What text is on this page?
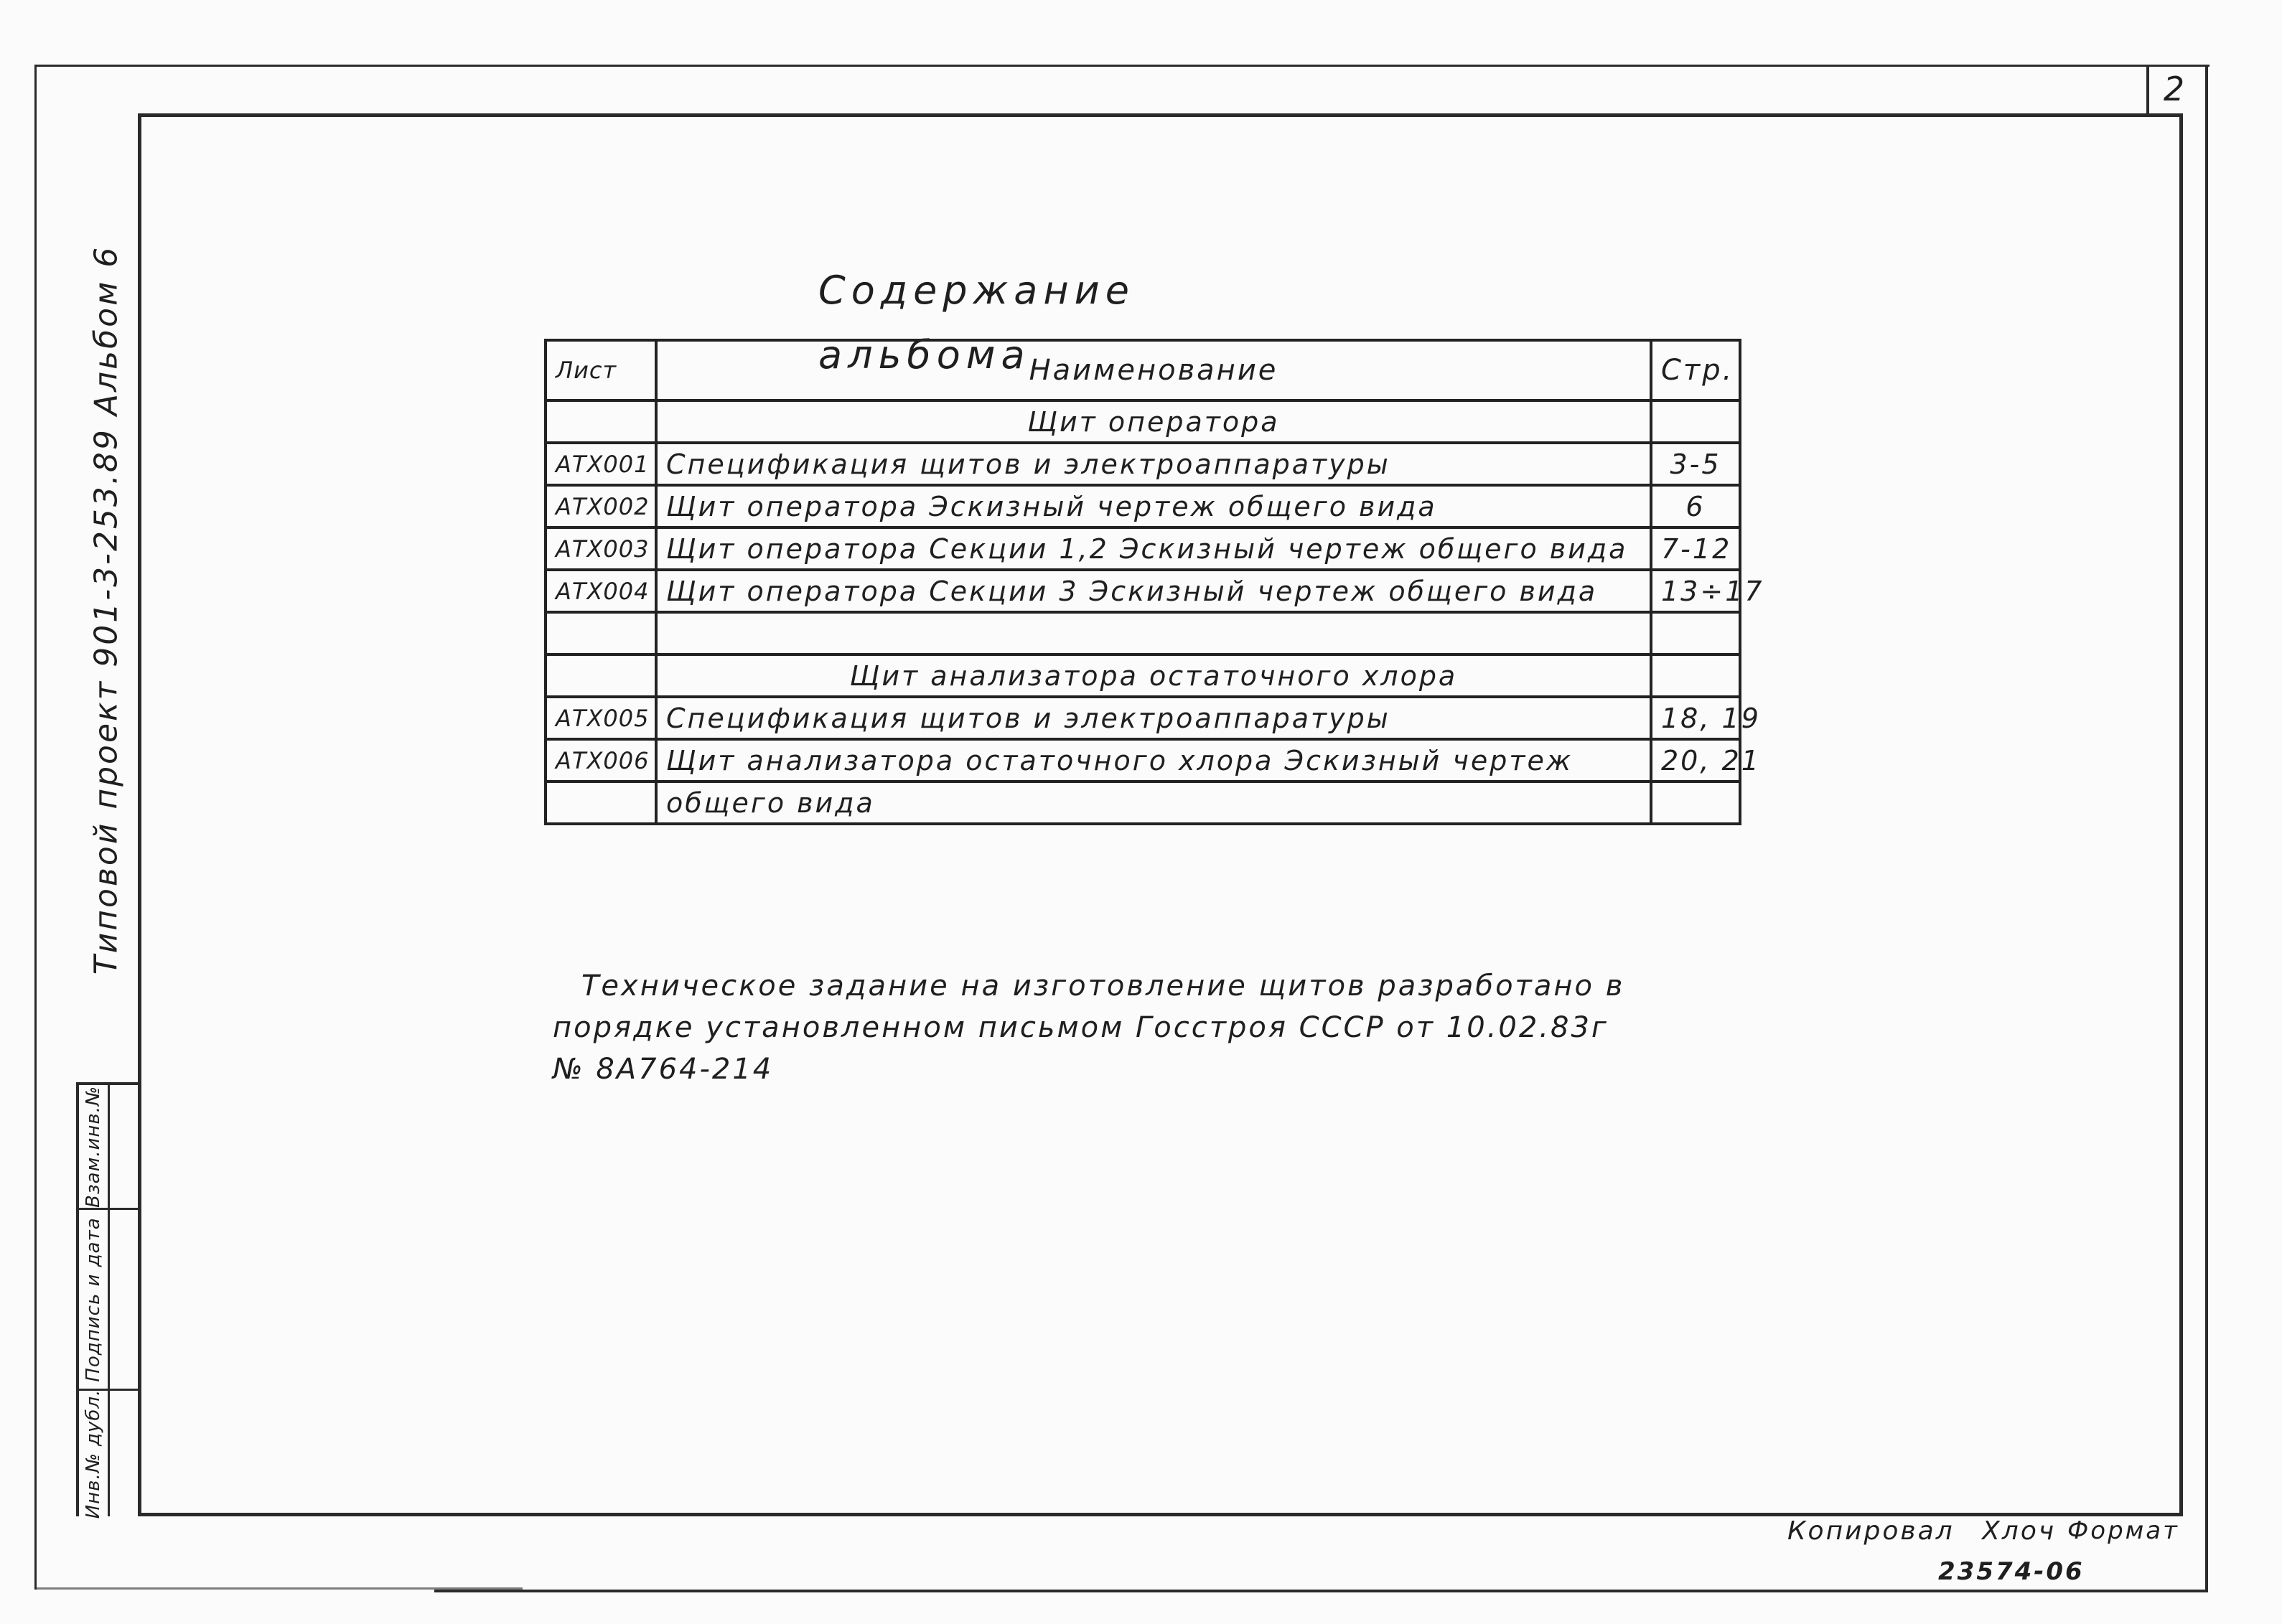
2
Типовой проект 901-3-253.89 Альбом 6
Взам.инв.№
Подпись и дата
Инв.№ дубл.
Содержание альбома
Лист	Наименование	Стр.
	Щит оператора	
АТХ001	Спецификация щитов и электроаппаратуры	3-5
АТХ002	Щит оператора Эскизный чертеж общего вида	6
АТХ003	Щит оператора Секции 1,2 Эскизный чертеж общего вида	7-12
АТХ004	Щит оператора Секции 3 Эскизный чертеж общего вида	13÷17

	Щит анализатора остаточного хлора	
АТХ005	Спецификация щитов и электроаппаратуры	18, 19
АТХ006	Щит анализатора остаточного хлора Эскизный чертеж	20, 21
	общего вида	

Техническое задание на изготовление щитов разработано в

порядке установленном письмом Госстроя СССР от 10.02.83г

№ 8А764-214

Копировал Хлоч Формат
23574-06
